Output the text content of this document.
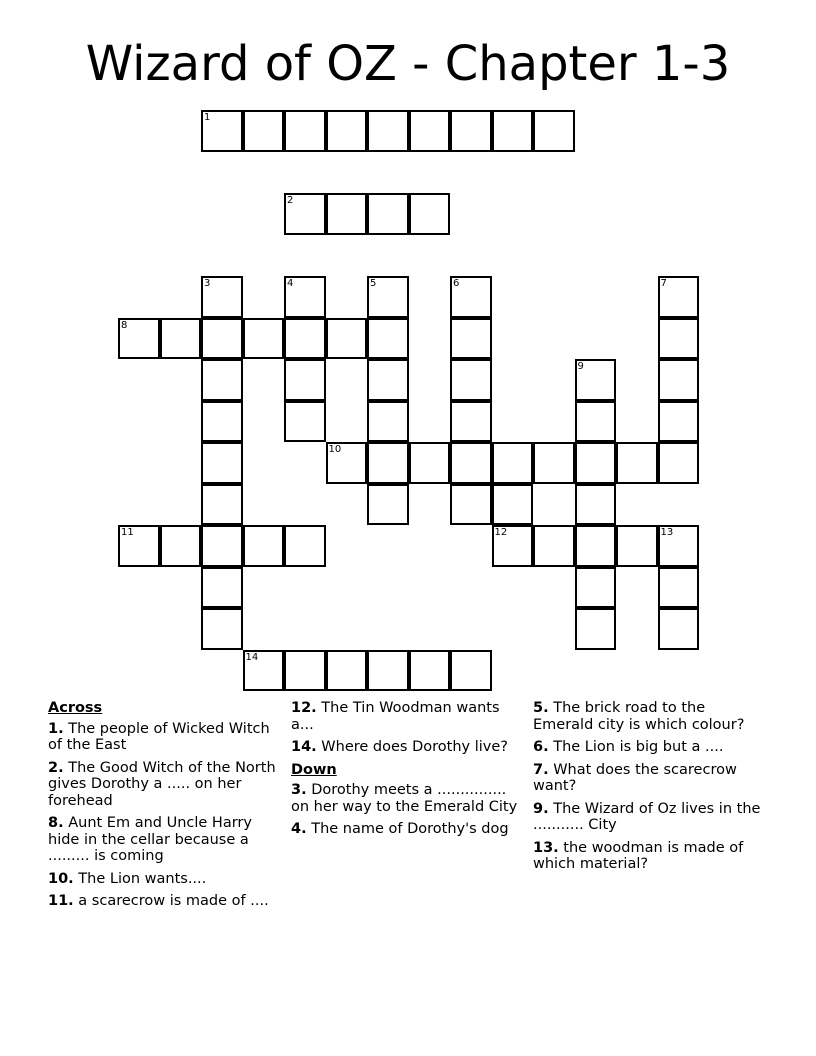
Wizard of OZ - Chapter 1-3
1
2
3	4	5	6	7
8
9
10
11	12	13
14
Across
1. The people of Wicked Witch of the East
2. The Good Witch of the North gives Dorothy a ..... on her forehead
8. Aunt Em and Uncle Harry hide in the cellar because a ......... is coming
10. The Lion wants....
11. a scarecrow is made of ....
12. The Tin Woodman wants a...
14. Where does Dorothy live?
Down
3. Dorothy meets a ............... on her way to the Emerald City
4. The name of Dorothy's dog
5. The brick road to the Emerald city is which colour?
6. The Lion is big but a ....
7. What does the scarecrow want?
9. The Wizard of Oz lives in the ........... City
13. the woodman is made of which material?
